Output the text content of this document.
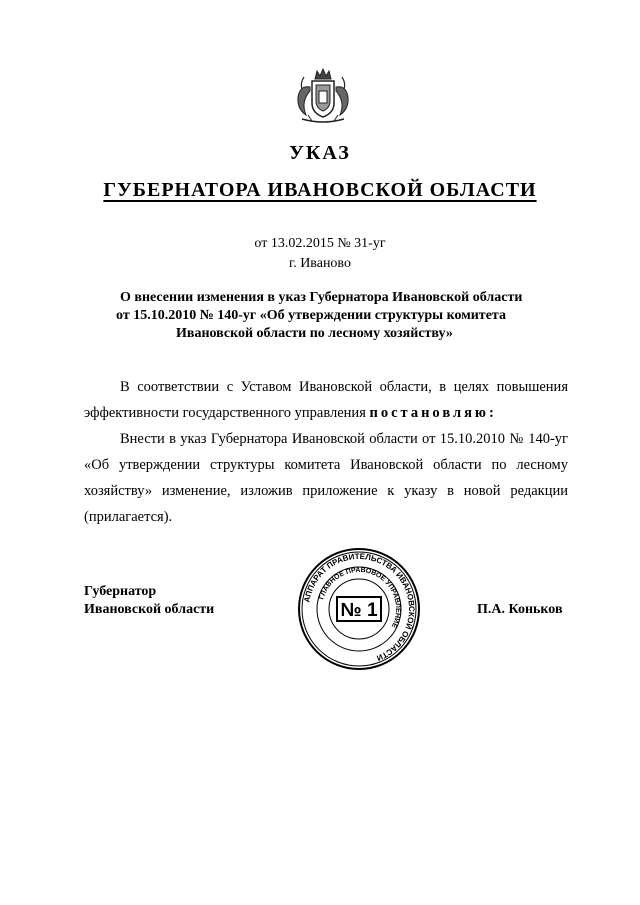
УКАЗ
ГУБЕРНАТОРА ИВАНОВСКОЙ ОБЛАСТИ
от 13.02.2015 № 31-уг
г. Иваново
О внесении изменения в указ Губернатора Ивановской области
от 15.10.2010 № 140-уг «Об утверждении структуры комитета
Ивановской области по лесному хозяйству»
В соответствии с Уставом Ивановской области, в целях повышения эффективности государственного управления постановляю:
Внести в указ Губернатора Ивановской области от 15.10.2010 № 140-уг «Об утверждении структуры комитета Ивановской области по лесному хозяйству» изменение, изложив приложение к указу в новой редакции (прилагается).
Губернатор
Ивановской области	П.А. Коньков
АППАРАТ ПРАВИТЕЛЬСТВА ИВАНОВСКОЙ ОБЛАСТИ
ГЛАВНОЕ ПРАВОВОЕ УПРАВЛЕНИЕ
№ 1
